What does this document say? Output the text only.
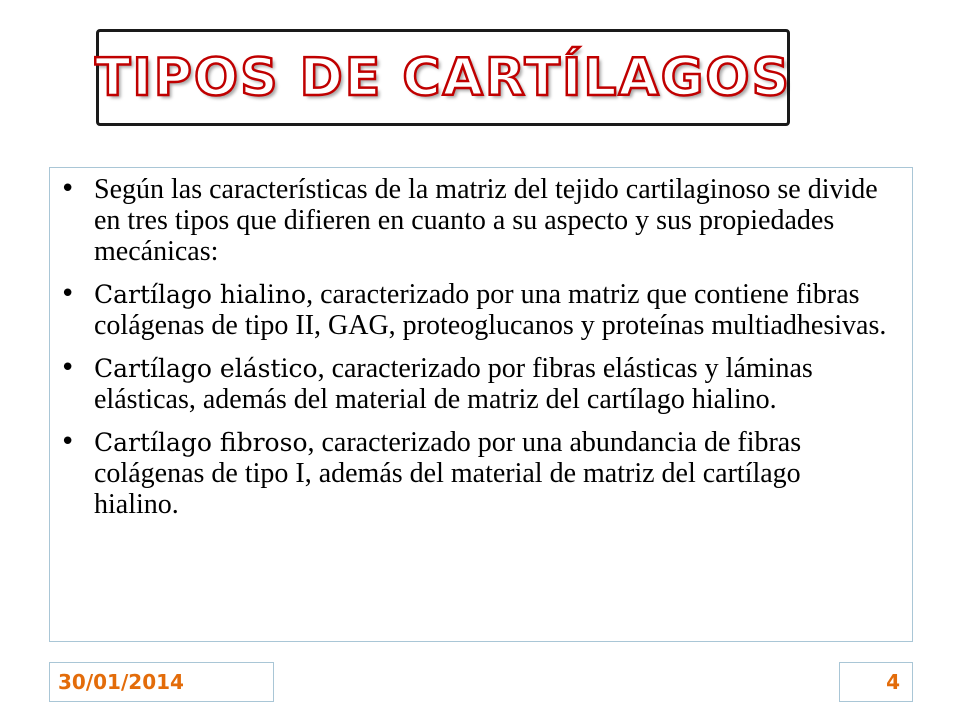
TIPOS DE CARTÍLAGOS
• Según las características de la matriz del tejido cartilaginoso se divide en tres tipos que difieren en cuanto a su aspecto y sus propiedades mecánicas:
• Cartílago hialino, caracterizado por una matriz que contiene fibras colágenas de tipo II, GAG, proteoglucanos y proteínas multiadhesivas.
• Cartílago elástico, caracterizado por fibras elásticas y láminas elásticas, además del material de matriz del cartílago hialino.
• Cartílago fibroso, caracterizado por una abundancia de fibras colágenas de tipo I, además del material de matriz del cartílago hialino.
30/01/2014	4
